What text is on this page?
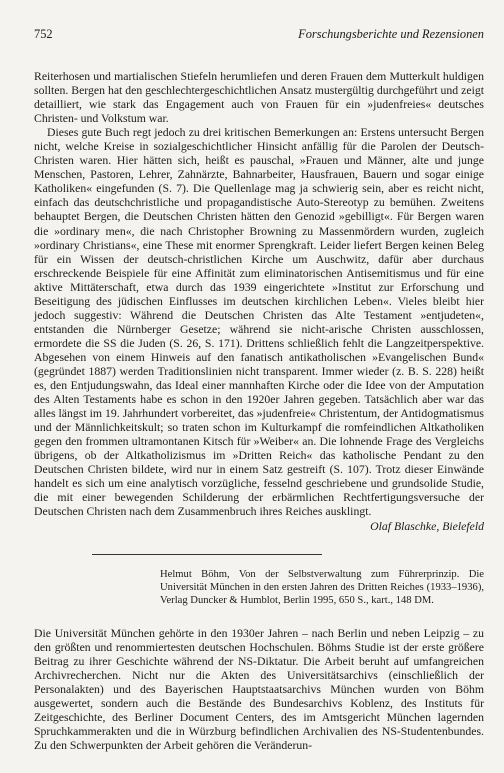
752	Forschungsberichte und Rezensionen

Reiterhosen und martialischen Stiefeln herumliefen und deren Frauen dem Mutterkult huldigen sollten. Bergen hat den geschlechtergeschichtlichen Ansatz mustergültig durchgeführt und zeigt detailliert, wie stark das Engagement auch von Frauen für ein »judenfreies« deutsches Christen- und Volkstum war.

Dieses gute Buch regt jedoch zu drei kritischen Bemerkungen an: Erstens untersucht Bergen nicht, welche Kreise in sozialgeschichtlicher Hinsicht anfällig für die Parolen der Deutsch-Christen waren. Hier hätten sich, heißt es pauschal, »Frauen und Männer, alte und junge Menschen, Pastoren, Lehrer, Zahnärzte, Bahnarbeiter, Hausfrauen, Bauern und sogar einige Katholiken« eingefunden (S. 7). Die Quellenlage mag ja schwierig sein, aber es reicht nicht, einfach das deutschchristliche und propagandistische Auto-Stereotyp zu bemühen. Zweitens behauptet Bergen, die Deutschen Christen hätten den Genozid »gebilligt«. Für Bergen waren die »ordinary men«, die nach Christopher Browning zu Massenmördern wurden, zugleich »ordinary Christians«, eine These mit enormer Sprengkraft. Leider liefert Bergen keinen Beleg für ein Wissen der deutsch-christlichen Kirche um Auschwitz, dafür aber durchaus erschreckende Beispiele für eine Affinität zum eliminatorischen Antisemitismus und für eine aktive Mittäterschaft, etwa durch das 1939 eingerichtete »Institut zur Erforschung und Beseitigung des jüdischen Einflusses im deutschen kirchlichen Leben«. Vieles bleibt hier jedoch suggestiv: Während die Deutschen Christen das Alte Testament »entjudeten«, entstanden die Nürnberger Gesetze; während sie nicht-arische Christen ausschlossen, ermordete die SS die Juden (S. 26, S. 171). Drittens schließlich fehlt die Langzeitperspektive. Abgesehen von einem Hinweis auf den fanatisch antikatholischen »Evangelischen Bund« (gegründet 1887) werden Traditionslinien nicht transparent. Immer wieder (z. B. S. 228) heißt es, den Entjudungswahn, das Ideal einer mannhaften Kirche oder die Idee von der Amputation des Alten Testaments habe es schon in den 1920er Jahren gegeben. Tatsächlich aber war das alles längst im 19. Jahrhundert vorbereitet, das »judenfreie« Christentum, der Antidogmatismus und der Männlichkeitskult; so traten schon im Kulturkampf die romfeindlichen Altkatholiken gegen den frommen ultramontanen Kitsch für »Weiber« an. Die lohnende Frage des Vergleichs übrigens, ob der Altkatholizismus im »Dritten Reich« das katholische Pendant zu den Deutschen Christen bildete, wird nur in einem Satz gestreift (S. 107). Trotz dieser Einwände handelt es sich um eine analytisch vorzügliche, fesselnd geschriebene und grundsolide Studie, die mit einer bewegenden Schilderung der erbärmlichen Rechtfertigungsversuche der Deutschen Christen nach dem Zusammenbruch ihres Reiches ausklingt.

Olaf Blaschke, Bielefeld
Helmut Böhm, Von der Selbstverwaltung zum Führerprinzip. Die Universität München in den ersten Jahren des Dritten Reiches (1933–1936), Verlag Duncker & Humblot, Berlin 1995, 650 S., kart., 148 DM.
Die Universität München gehörte in den 1930er Jahren – nach Berlin und neben Leipzig – zu den größten und renommiertesten deutschen Hochschulen. Böhms Studie ist der erste größere Beitrag zu ihrer Geschichte während der NS-Diktatur. Die Arbeit beruht auf umfangreichen Archivrecherchen. Nicht nur die Akten des Universitätsarchivs (einschließlich der Personalakten) und des Bayerischen Hauptstaatsarchivs München wurden von Böhm ausgewertet, sondern auch die Bestände des Bundesarchivs Koblenz, des Instituts für Zeitgeschichte, des Berliner Document Centers, des im Amtsgericht München lagernden Spruchkammerakten und die in Würzburg befindlichen Archivalien des NS-Studentenbundes. Zu den Schwerpunkten der Arbeit gehören die Veränderun-
